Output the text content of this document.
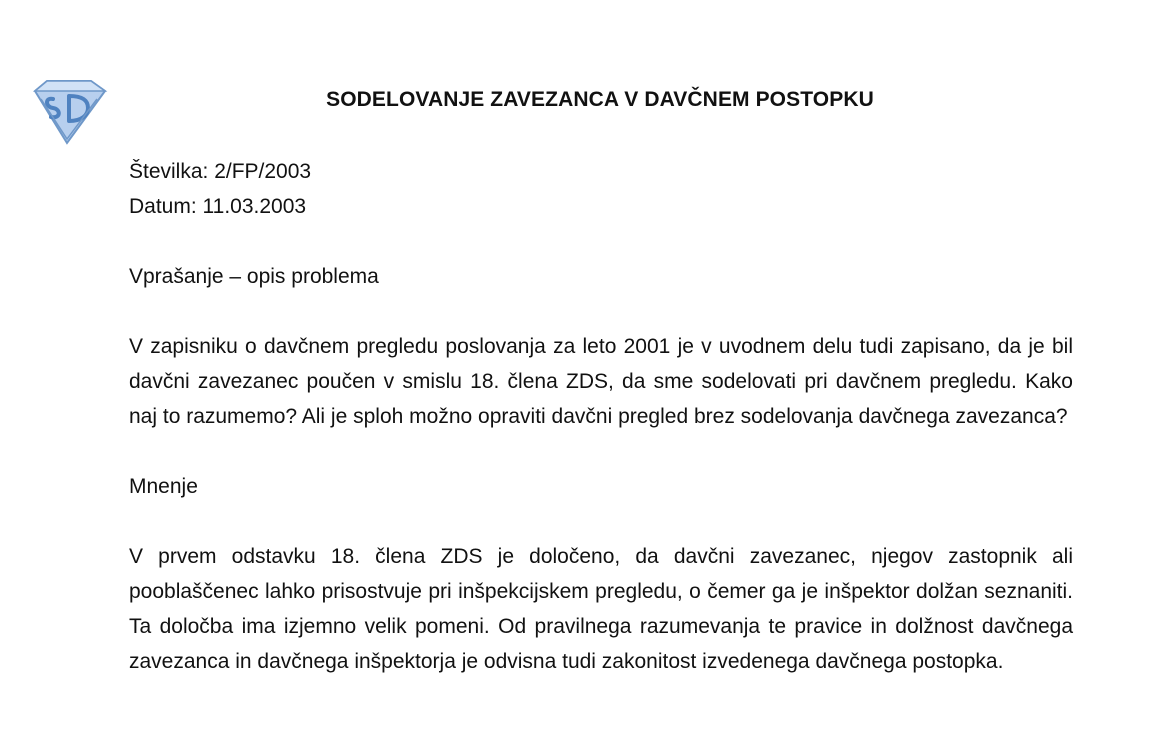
SODELOVANJE ZAVEZANCA V DAVČNEM POSTOPKU

Številka: 2/FP/2003

Datum: 11.03.2003

Vprašanje – opis problema

V zapisniku o davčnem pregledu poslovanja za leto 2001 je v uvodnem delu tudi zapisano, da je bil davčni zavezanec poučen v smislu 18. člena ZDS, da sme sodelovati pri davčnem pregledu. Kako naj to razumemo? Ali je sploh možno opraviti davčni pregled brez sodelovanja davčnega zavezanca?

Mnenje

V prvem odstavku 18. člena ZDS je določeno, da davčni zavezanec, njegov zastopnik ali pooblaščenec lahko prisostvuje pri inšpekcijskem pregledu, o čemer ga je inšpektor dolžan seznaniti. Ta določba ima izjemno velik pomeni. Od pravilnega razumevanja te pravice in dolžnost davčnega zavezanca in davčnega inšpektorja je odvisna tudi zakonitost izvedenega davčnega postopka.
